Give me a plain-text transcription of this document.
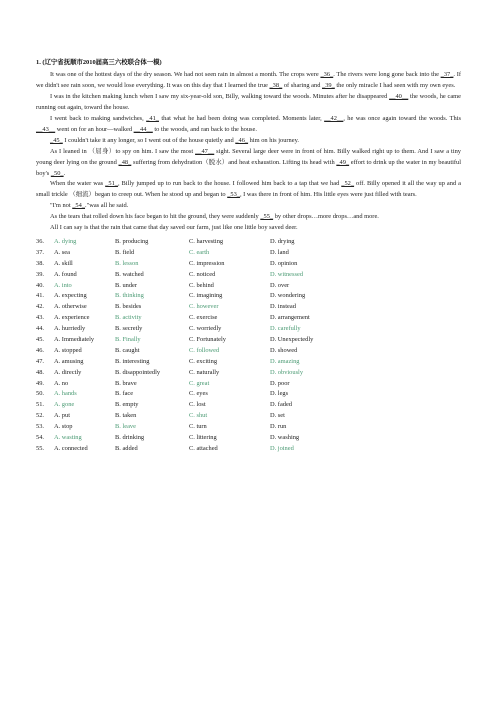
1. (辽宁省抚顺市2010届高三六校联合体一模)

It was one of the hottest days of the dry season. We had not seen rain in almost a month. The crops were _36_. The rivers were long gone back into the _37_. If we didn't see rain soon, we would lose everything. It was on this day that I learned the true _38_ of sharing and _39_ the only miracle I had seen with my own eyes.

I was in the kitchen making lunch when I saw my six-year-old son, Billy, walking toward the woods. Minutes after he disappeared __40__ the woods, he came running out again, toward the house.

I went back to making sandwiches, _41_ that what he had been doing was completed. Moments later, __42__, he was once again toward the woods. This __43__ went on for an hour—walked __44__ to the woods, and ran back to the house.

_45_ I couldn't take it any longer, so I went out of the house quietly and _46_ him on his journey.

As I leaned in （屈身）to spy on him. I saw the most __47__ sight. Several large deer were in front of him. Billy walked right up to them. And I saw a tiny young deer lying on the ground _48_ suffering from dehydration（脱水）and heat exhaustion. Lifting its head with _49_ effort to drink up the water in my beautiful boy's _50_.

When the water was _51_, Billy jumped up to run back to the house. I followed him back to a tap that we had _52_ off. Billy opened it all the way up and a small trickle （细流）began to creep out. When he stood up and began to _53_, I was there in front of him. His little eyes were just filled with tears.

"I'm not _54_."was all he said.

As the tears that rolled down his face began to hit the ground, they were suddenly _55_ by other drops…more drops…and more.

All I can say is that the rain that came that day saved our farm, just like one little boy saved deer.

36.	A. dying	B. producing	C. harvesting	D. drying
37.	A. sea	B. field	C. earth	D. land
38.	A. skill	B. lesson	C. impression	D. opinion
39.	A. found	B. watched	C. noticed	D. witnessed
40.	A. into	B. under	C. behind	D. over
41.	A. expecting	B. thinking	C. imagining	D. wondering
42.	A. otherwise	B. besides	C. however	D. instead
43.	A. experience	B. activity	C. exercise	D. arrangement
44.	A. hurriedly	B. secretly	C. worriedly	D. carefully
45.	A. Immediately	B. Finally	C. Fortunately	D. Unexpectedly
46.	A. stopped	B. caught	C. followed	D. showed
47.	A. amusing	B. interesting	C. exciting	D. amazing
48.	A. directly	B. disappointedly	C. naturally	D. obviously
49.	A. no	B. brave	C. great	D. poor
50.	A. hands	B. face	C. eyes	D. legs
51.	A. gone	B. empty	C. lost	D. faded
52.	A. put	B. taken	C. shut	D. set
53.	A. stop	B. leave	C. turn	D. run
54.	A. wasting	B. drinking	C. littering	D. washing
55.	A. connected	B. added	C. attached	D. joined
